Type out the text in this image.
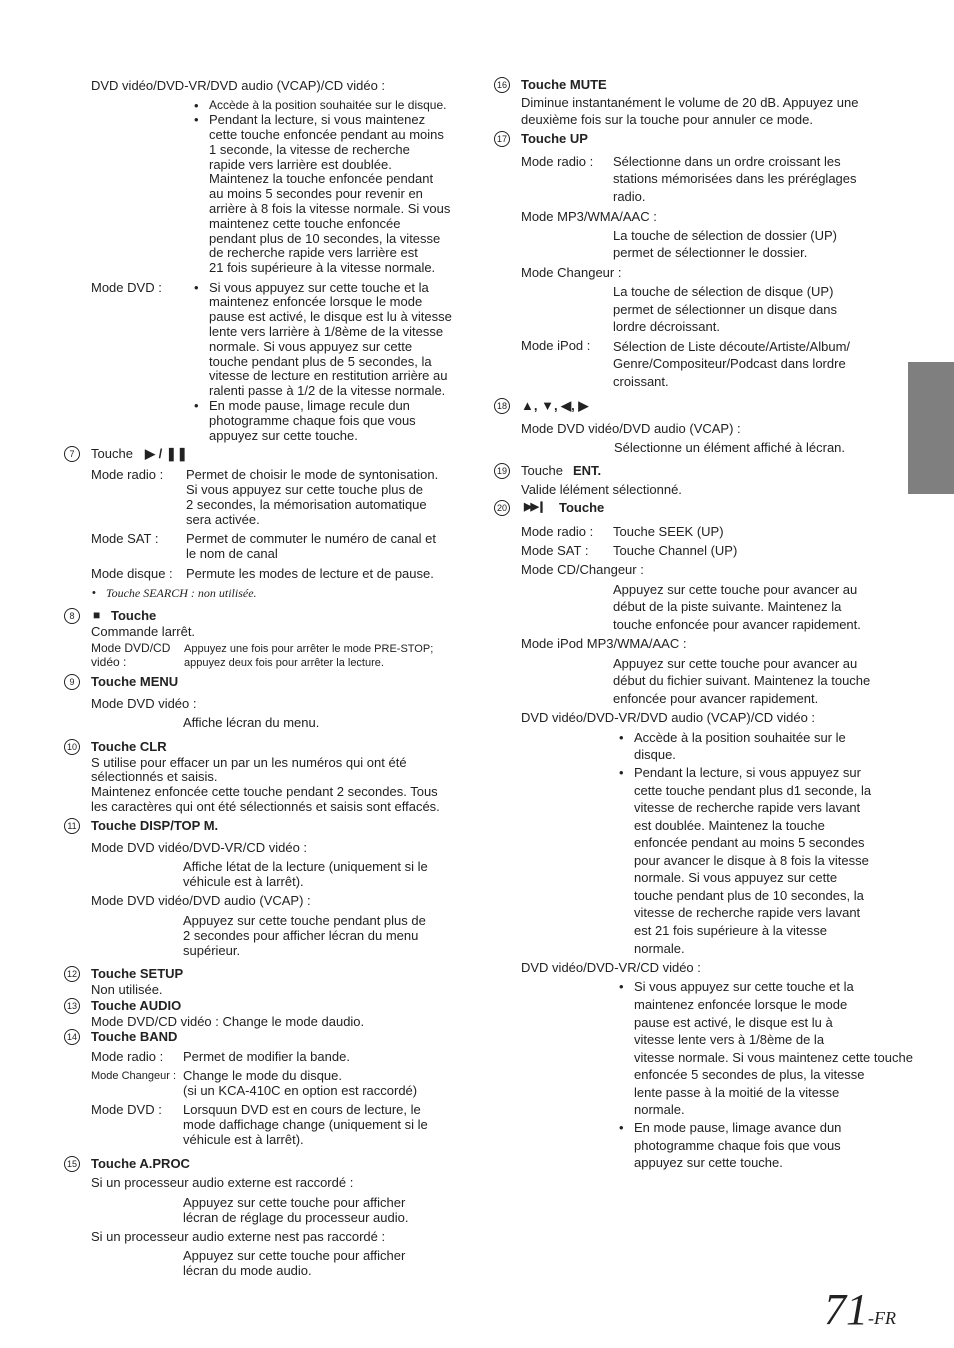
DVD vidéo/DVD-VR/DVD audio (VCAP)/CD vidéo :
• Accède à la position souhaitée sur le disque.
• Pendant la lecture, si vous maintenez
cette touche enfoncée pendant au moins
1 seconde, la vitesse de recherche
rapide vers larrière est doublée.
Maintenez la touche enfoncée pendant
au moins 5 secondes pour revenir en
arrière à 8 fois la vitesse normale. Si vous
maintenez cette touche enfoncée
pendant plus de 10 secondes, la vitesse
de recherche rapide vers larrière est
21 fois supérieure à la vitesse normale.
Mode DVD : • Si vous appuyez sur cette touche et la
maintenez enfoncée lorsque le mode
pause est activé, le disque est lu à vitesse
lente vers larrière à 1/8ème de la vitesse
normale. Si vous appuyez sur cette
touche pendant plus de 5 secondes, la
vitesse de lecture en restitution arrière au
ralenti passe à 1/2 de la vitesse normale.
• En mode pause, limage recule dun
photogramme chaque fois que vous
appuyez sur cette touche.
7	Touche ▶ / ❚❚
Mode radio : Permet de choisir le mode de syntonisation.
Si vous appuyez sur cette touche plus de
2 secondes, la mémorisation automatique
sera activée.
Mode SAT : Permet de commuter le numéro de canal et
le nom de canal
Mode disque : Permute les modes de lecture et de pause.
• Touche SEARCH : non utilisée.
8	■ Touche
Commande larrêt.
Mode DVD/CD
vidéo :
Appuyez une fois pour arrêter le mode PRE-STOP;
appuyez deux fois pour arrêter la lecture.
9	Touche MENU
Mode DVD vidéo :
Affiche lécran du menu.
10 Touche CLR
S utilise pour effacer un par un les numéros qui ont été
sélectionnés et saisis.
Maintenez enfoncée cette touche pendant 2 secondes. Tous
les caractères qui ont été sélectionnés et saisis sont effacés.
11 Touche DISP/TOP M.
Mode DVD vidéo/DVD-VR/CD vidéo :
Affiche létat de la lecture (uniquement si le
véhicule est à larrêt).
Mode DVD vidéo/DVD audio (VCAP) :
Appuyez sur cette touche pendant plus de
2 secondes pour afficher lécran du menu
supérieur.
12 Touche SETUP
Non utilisée.
13 Touche AUDIO
Mode DVD/CD vidéo : Change le mode daudio.
14 Touche BAND
Mode radio : Permet de modifier la bande.
Mode Changeur : Change le mode du disque.
(si un KCA-410C en option est raccordé)
Mode DVD : Lorsquun DVD est en cours de lecture, le
mode daffichage change (uniquement si le
véhicule est à larrêt).
15 Touche A.PROC
Si un processeur audio externe est raccordé :
Appuyez sur cette touche pour afficher
lécran de réglage du processeur audio.
Si un processeur audio externe nest pas raccordé :
Appuyez sur cette touche pour afficher
lécran du mode audio.
16 Touche MUTE
Diminue instantanément le volume de 20 dB. Appuyez une
deuxième fois sur la touche pour annuler ce mode.
17 Touche UP
Mode radio : Sélectionne dans un ordre croissant les
stations mémorisées dans les préréglages
radio.
Mode MP3/WMA/AAC :
La touche de sélection de dossier (UP)
permet de sélectionner le dossier.
Mode Changeur :
La touche de sélection de disque (UP)
permet de sélectionner un disque dans
lordre décroissant.
Mode iPod : Sélection de Liste découte/Artiste/Album/
Genre/Compositeur/Podcast dans lordre
croissant.
18 ▲, ▼, ◀, ▶
Mode DVD vidéo/DVD audio (VCAP) :
Sélectionne un élément affiché à lécran.
19 Touche ENT.
Valide lélément sélectionné.
20 ▶▶❙ Touche
Mode radio : Touche SEEK (UP)
Mode SAT : Touche Channel (UP)
Mode CD/Changeur :
Appuyez sur cette touche pour avancer au
début de la piste suivante. Maintenez la
touche enfoncée pour avancer rapidement.
Mode iPod MP3/WMA/AAC :
Appuyez sur cette touche pour avancer au
début du fichier suivant. Maintenez la touche
enfoncée pour avancer rapidement.
DVD vidéo/DVD-VR/DVD audio (VCAP)/CD vidéo :
• Accède à la position souhaitée sur le
disque.
• Pendant la lecture, si vous appuyez sur
cette touche pendant plus d1 seconde, la
vitesse de recherche rapide vers lavant
est doublée. Maintenez la touche
enfoncée pendant au moins 5 secondes
pour avancer le disque à 8 fois la vitesse
normale. Si vous appuyez sur cette
touche pendant plus de 10 secondes, la
vitesse de recherche rapide vers lavant
est 21 fois supérieure à la vitesse
normale.
DVD vidéo/DVD-VR/CD vidéo :
• Si vous appuyez sur cette touche et la
maintenez enfoncée lorsque le mode
pause est activé, le disque est lu à
vitesse lente vers à 1/8ème de la
vitesse normale. Si vous maintenez cette touche
enfoncée 5 secondes de plus, la vitesse
lente passe à la moitié de la vitesse
normale.
• En mode pause, limage avance dun
photogramme chaque fois que vous
appuyez sur cette touche.
71-FR
